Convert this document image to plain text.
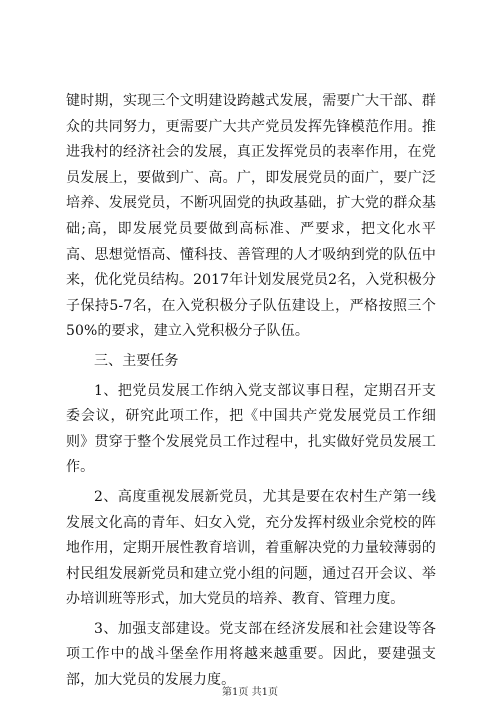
键时期，实现三个文明建设跨越式发展，需要广大干部、群众的共同努力，更需要广大共产党员发挥先锋模范作用。推进我村的经济社会的发展，真正发挥党员的表率作用，在党员发展上，要做到广、高。广，即发展党员的面广，要广泛培养、发展党员，不断巩固党的执政基础，扩大党的群众基础;高，即发展党员要做到高标准、严要求，把文化水平高、思想觉悟高、懂科技、善管理的人才吸纳到党的队伍中来，优化党员结构。2017年计划发展党员2名，入党积极分子保持5-7名，在入党积极分子队伍建设上，严格按照三个50%的要求，建立入党积极分子队伍。

三、主要任务

1、把党员发展工作纳入党支部议事日程，定期召开支委会议，研究此项工作，把《中国共产党发展党员工作细则》贯穿于整个发展党员工作过程中，扎实做好党员发展工作。

2、高度重视发展新党员，尤其是要在农村生产第一线发展文化高的青年、妇女入党，充分发挥村级业余党校的阵地作用，定期开展性教育培训，着重解决党的力量较薄弱的村民组发展新党员和建立党小组的问题，通过召开会议、举办培训班等形式，加大党员的培养、教育、管理力度。

3、加强支部建设。党支部在经济发展和社会建设等各项工作中的战斗堡垒作用将越来越重要。因此，要建强支部，加大党员的发展力度。

第1页 共1页
